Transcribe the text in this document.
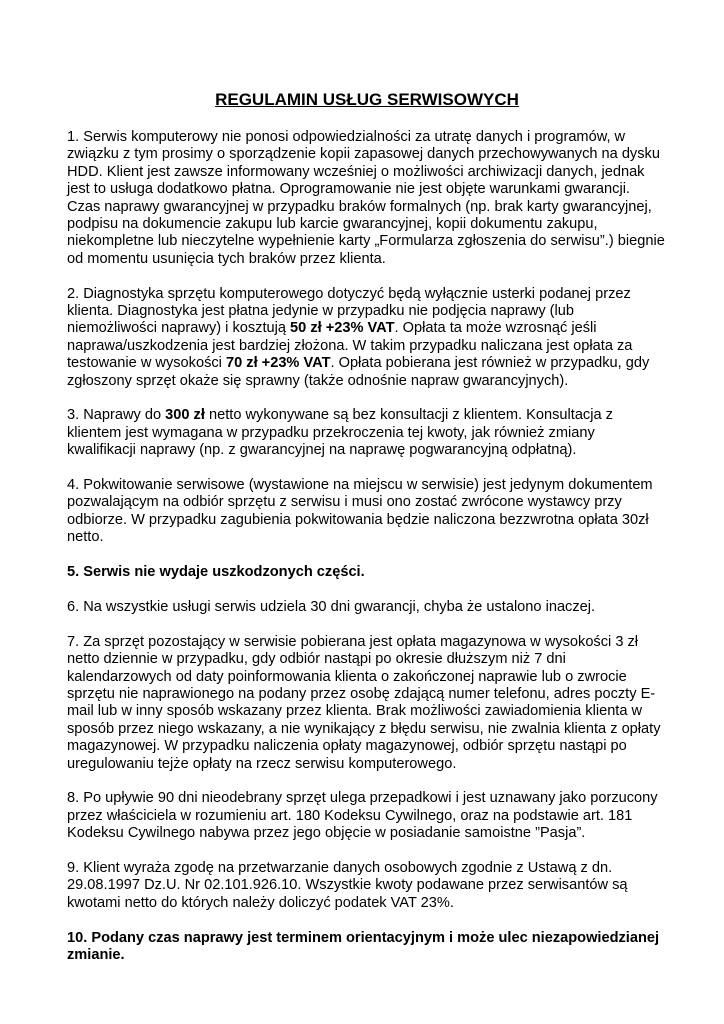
REGULAMIN USŁUG SERWISOWYCH

1. Serwis komputerowy nie ponosi odpowiedzialności za utratę danych i programów, w związku z tym prosimy o sporządzenie kopii zapasowej danych przechowywanych na dysku HDD. Klient jest zawsze informowany wcześniej o możliwości archiwizacji danych, jednak jest to usługa dodatkowo płatna. Oprogramowanie nie jest objęte warunkami gwarancji. Czas naprawy gwarancyjnej w przypadku braków formalnych (np. brak karty gwarancyjnej, podpisu na dokumencie zakupu lub karcie gwarancyjnej, kopii dokumentu zakupu, niekompletne lub nieczytelne wypełnienie karty „Formularza zgłoszenia do serwisu”.) biegnie od momentu usunięcia tych braków przez klienta.

2. Diagnostyka sprzętu komputerowego dotyczyć będą wyłącznie usterki podanej przez klienta. Diagnostyka jest płatna jedynie w przypadku nie podjęcia naprawy (lub niemożliwości naprawy) i kosztują 50 zł +23% VAT. Opłata ta może wzrosnąć jeśli naprawa/uszkodzenia jest bardziej złożona. W takim przypadku naliczana jest opłata za testowanie w wysokości 70 zł +23% VAT. Opłata pobierana jest również w przypadku, gdy zgłoszony sprzęt okaże się sprawny (także odnośnie napraw gwarancyjnych).

3. Naprawy do 300 zł netto wykonywane są bez konsultacji z klientem. Konsultacja z klientem jest wymagana w przypadku przekroczenia tej kwoty, jak również zmiany kwalifikacji naprawy (np. z gwarancyjnej na naprawę pogwarancyjną odpłatną).

4. Pokwitowanie serwisowe (wystawione na miejscu w serwisie) jest jedynym dokumentem pozwalającym na odbiór sprzętu z serwisu i musi ono zostać zwrócone wystawcy przy odbiorze. W przypadku zagubienia pokwitowania będzie naliczona bezzwrotna opłata 30zł netto.

5. Serwis nie wydaje uszkodzonych części.

6. Na wszystkie usługi serwis udziela 30 dni gwarancji, chyba że ustalono inaczej.

7. Za sprzęt pozostający w serwisie pobierana jest opłata magazynowa w wysokości 3 zł netto dziennie w przypadku, gdy odbiór nastąpi po okresie dłuższym niż 7 dni kalendarzowych od daty poinformowania klienta o zakończonej naprawie lub o zwrocie sprzętu nie naprawionego na podany przez osobę zdającą numer telefonu, adres poczty E-mail lub w inny sposób wskazany przez klienta. Brak możliwości zawiadomienia klienta w sposób przez niego wskazany, a nie wynikający z błędu serwisu, nie zwalnia klienta z opłaty magazynowej. W przypadku naliczenia opłaty magazynowej, odbiór sprzętu nastąpi po uregulowaniu tejże opłaty na rzecz serwisu komputerowego.

8. Po upływie 90 dni nieodebrany sprzęt ulega przepadkowi i jest uznawany jako porzucony przez właściciela w rozumieniu art. 180 Kodeksu Cywilnego, oraz na podstawie art. 181 Kodeksu Cywilnego nabywa przez jego objęcie w posiadanie samoistne ”Pasja”.

9. Klient wyraża zgodę na przetwarzanie danych osobowych zgodnie z Ustawą z dn. 29.08.1997 Dz.U. Nr 02.101.926.10. Wszystkie kwoty podawane przez serwisantów są kwotami netto do których należy doliczyć podatek VAT 23%.

10. Podany czas naprawy jest terminem orientacyjnym i może ulec niezapowiedzianej zmianie.
